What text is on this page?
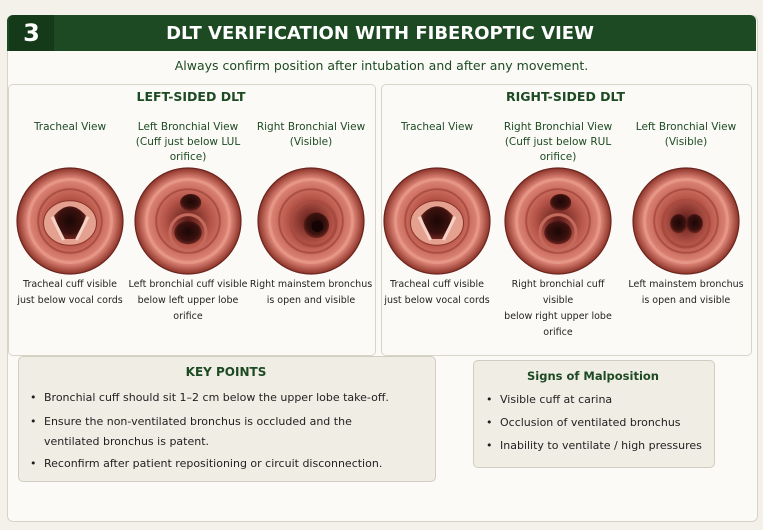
3	DLT VERIFICATION WITH FIBEROPTIC VIEW
Always confirm position after intubation and after any movement.
LEFT-SIDED DLT	RIGHT-SIDED DLT
Tracheal View
Tracheal cuff visible
just below vocal cords
Left Bronchial View
(Cuff just below LUL
orifice)
Left bronchial cuff visible
below left upper lobe
orifice
Right Bronchial View
(Visible)
Right mainstem bronchus
is open and visible
Tracheal View
Tracheal cuff visible
just below vocal cords
Right Bronchial View
(Cuff just below RUL
orifice)
Right bronchial cuff visible
below right upper lobe
orifice
Left Bronchial View
(Visible)
Left mainstem bronchus
is open and visible
KEY POINTS
• Bronchial cuff should sit 1–2 cm below the upper lobe take-off.
• Ensure the non-ventilated bronchus is occluded and the
ventilated bronchus is patent.
• Reconfirm after patient repositioning or circuit disconnection.
Signs of Malposition
• Visible cuff at carina
• Occlusion of ventilated bronchus
• Inability to ventilate / high pressures
